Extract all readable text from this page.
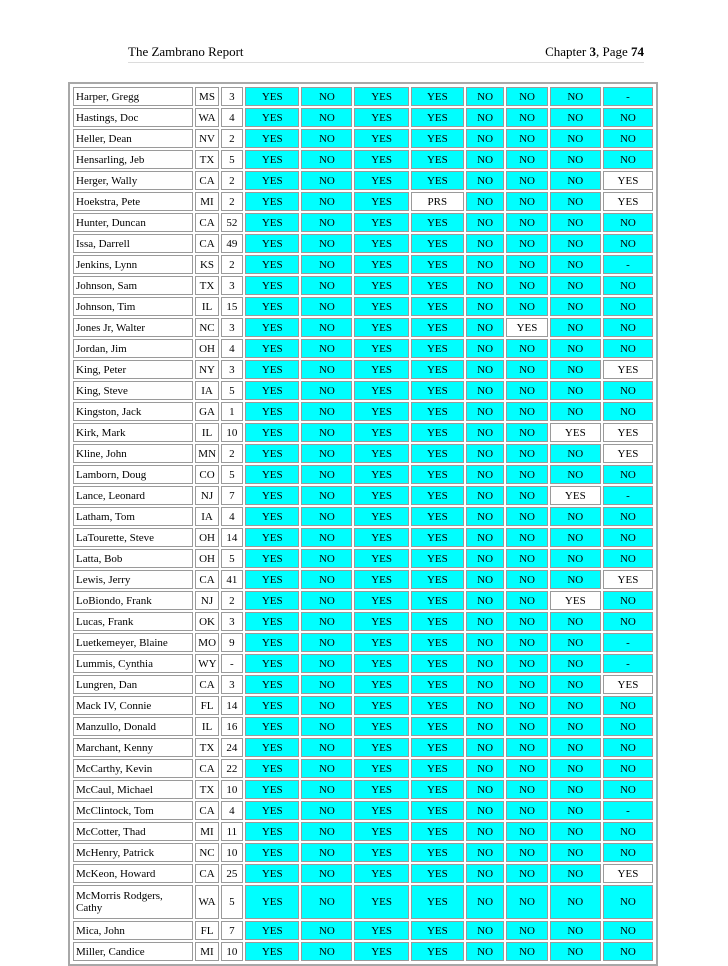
The Zambrano Report	Chapter 3, Page 74
Harper, Gregg	MS	3	YES	NO	YES	YES	NO	NO	NO	-
Hastings, Doc	WA	4	YES	NO	YES	YES	NO	NO	NO	NO
Heller, Dean	NV	2	YES	NO	YES	YES	NO	NO	NO	NO
Hensarling, Jeb	TX	5	YES	NO	YES	YES	NO	NO	NO	NO
Herger, Wally	CA	2	YES	NO	YES	YES	NO	NO	NO	YES
Hoekstra, Pete	MI	2	YES	NO	YES	PRS	NO	NO	NO	YES
Hunter, Duncan	CA	52	YES	NO	YES	YES	NO	NO	NO	NO
Issa, Darrell	CA	49	YES	NO	YES	YES	NO	NO	NO	NO
Jenkins, Lynn	KS	2	YES	NO	YES	YES	NO	NO	NO	-
Johnson, Sam	TX	3	YES	NO	YES	YES	NO	NO	NO	NO
Johnson, Tim	IL	15	YES	NO	YES	YES	NO	NO	NO	NO
Jones Jr, Walter	NC	3	YES	NO	YES	YES	NO	YES	NO	NO
Jordan, Jim	OH	4	YES	NO	YES	YES	NO	NO	NO	NO
King, Peter	NY	3	YES	NO	YES	YES	NO	NO	NO	YES
King, Steve	IA	5	YES	NO	YES	YES	NO	NO	NO	NO
Kingston, Jack	GA	1	YES	NO	YES	YES	NO	NO	NO	NO
Kirk, Mark	IL	10	YES	NO	YES	YES	NO	NO	YES	YES
Kline, John	MN	2	YES	NO	YES	YES	NO	NO	NO	YES
Lamborn, Doug	CO	5	YES	NO	YES	YES	NO	NO	NO	NO
Lance, Leonard	NJ	7	YES	NO	YES	YES	NO	NO	YES	-
Latham, Tom	IA	4	YES	NO	YES	YES	NO	NO	NO	NO
LaTourette, Steve	OH	14	YES	NO	YES	YES	NO	NO	NO	NO
Latta, Bob	OH	5	YES	NO	YES	YES	NO	NO	NO	NO
Lewis, Jerry	CA	41	YES	NO	YES	YES	NO	NO	NO	YES
LoBiondo, Frank	NJ	2	YES	NO	YES	YES	NO	NO	YES	NO
Lucas, Frank	OK	3	YES	NO	YES	YES	NO	NO	NO	NO
Luetkemeyer, Blaine	MO	9	YES	NO	YES	YES	NO	NO	NO	-
Lummis, Cynthia	WY	-	YES	NO	YES	YES	NO	NO	NO	-
Lungren, Dan	CA	3	YES	NO	YES	YES	NO	NO	NO	YES
Mack IV, Connie	FL	14	YES	NO	YES	YES	NO	NO	NO	NO
Manzullo, Donald	IL	16	YES	NO	YES	YES	NO	NO	NO	NO
Marchant, Kenny	TX	24	YES	NO	YES	YES	NO	NO	NO	NO
McCarthy, Kevin	CA	22	YES	NO	YES	YES	NO	NO	NO	NO
McCaul, Michael	TX	10	YES	NO	YES	YES	NO	NO	NO	NO
McClintock, Tom	CA	4	YES	NO	YES	YES	NO	NO	NO	-
McCotter, Thad	MI	11	YES	NO	YES	YES	NO	NO	NO	NO
McHenry, Patrick	NC	10	YES	NO	YES	YES	NO	NO	NO	NO
McKeon, Howard	CA	25	YES	NO	YES	YES	NO	NO	NO	YES
McMorris Rodgers, Cathy	WA	5	YES	NO	YES	YES	NO	NO	NO	NO
Mica, John	FL	7	YES	NO	YES	YES	NO	NO	NO	NO
Miller, Candice	MI	10	YES	NO	YES	YES	NO	NO	NO	NO
